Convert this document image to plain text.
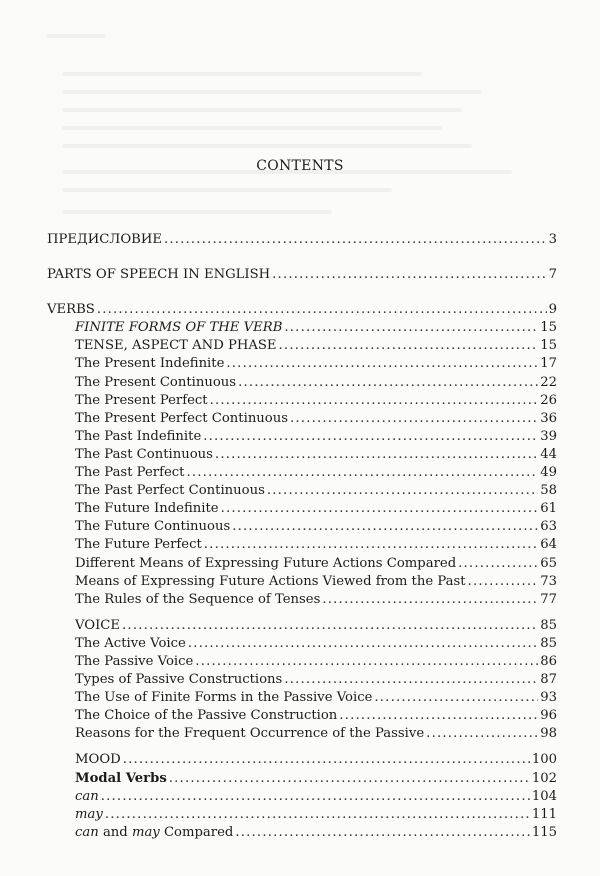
CONTENTS
ПРЕДИСЛОВИЕ .....	3
PARTS OF SPEECH IN ENGLISH .....	7
VERBS .....	9
FINITE FORMS OF THE VERB .....	15
TENSE, ASPECT AND PHASE .....	15
The Present Indefinite .....	17
The Present Continuous .....	22
The Present Perfect .....	26
The Present Perfect Continuous .....	36
The Past Indefinite .....	39
The Past Continuous .....	44
The Past Perfect .....	49
The Past Perfect Continuous .....	58
The Future Indefinite .....	61
The Future Continuous .....	63
The Future Perfect .....	64
Different Means of Expressing Future Actions Compared .....	65
Means of Expressing Future Actions Viewed from the Past .....	73
The Rules of the Sequence of Tenses .....	77
VOICE .....	85
The Active Voice .....	85
The Passive Voice .....	86
Types of Passive Constructions .....	87
The Use of Finite Forms in the Passive Voice .....	93
The Choice of the Passive Construction .....	96
Reasons for the Frequent Occurrence of the Passive .....	98
MOOD .....	100
Modal Verbs .....	102
can .....	104
may .....	111
can and may Compared .....	115
